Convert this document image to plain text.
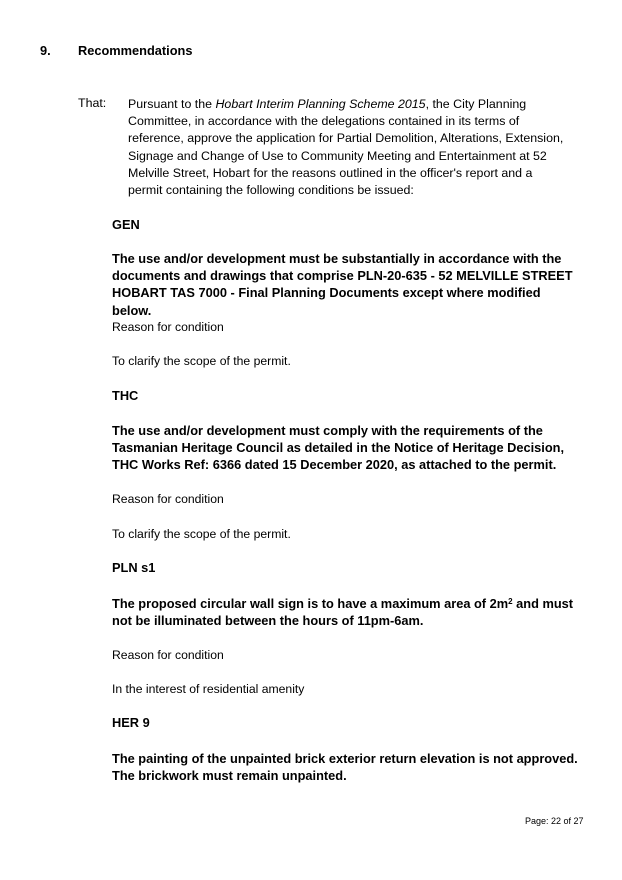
9. Recommendations
That: Pursuant to the Hobart Interim Planning Scheme 2015, the City Planning Committee, in accordance with the delegations contained in its terms of reference, approve the application for Partial Demolition, Alterations, Extension, Signage and Change of Use to Community Meeting and Entertainment at 52 Melville Street, Hobart for the reasons outlined in the officer's report and a permit containing the following conditions be issued:

GEN

The use and/or development must be substantially in accordance with the documents and drawings that comprise PLN-20-635 - 52 MELVILLE STREET HOBART TAS 7000 - Final Planning Documents except where modified below.

Reason for condition
To clarify the scope of the permit.
THC

The use and/or development must comply with the requirements of the Tasmanian Heritage Council as detailed in the Notice of Heritage Decision, THC Works Ref: 6366 dated 15 December 2020, as attached to the permit.

Reason for condition
To clarify the scope of the permit.
PLN s1

The proposed circular wall sign is to have a maximum area of $2m^2$ and must not be illuminated between the hours of 11pm-6am.

Reason for condition
In the interest of residential amenity
HER 9

The painting of the unpainted brick exterior return elevation is not approved. The brickwork must remain unpainted.

Page: 22 of 27
